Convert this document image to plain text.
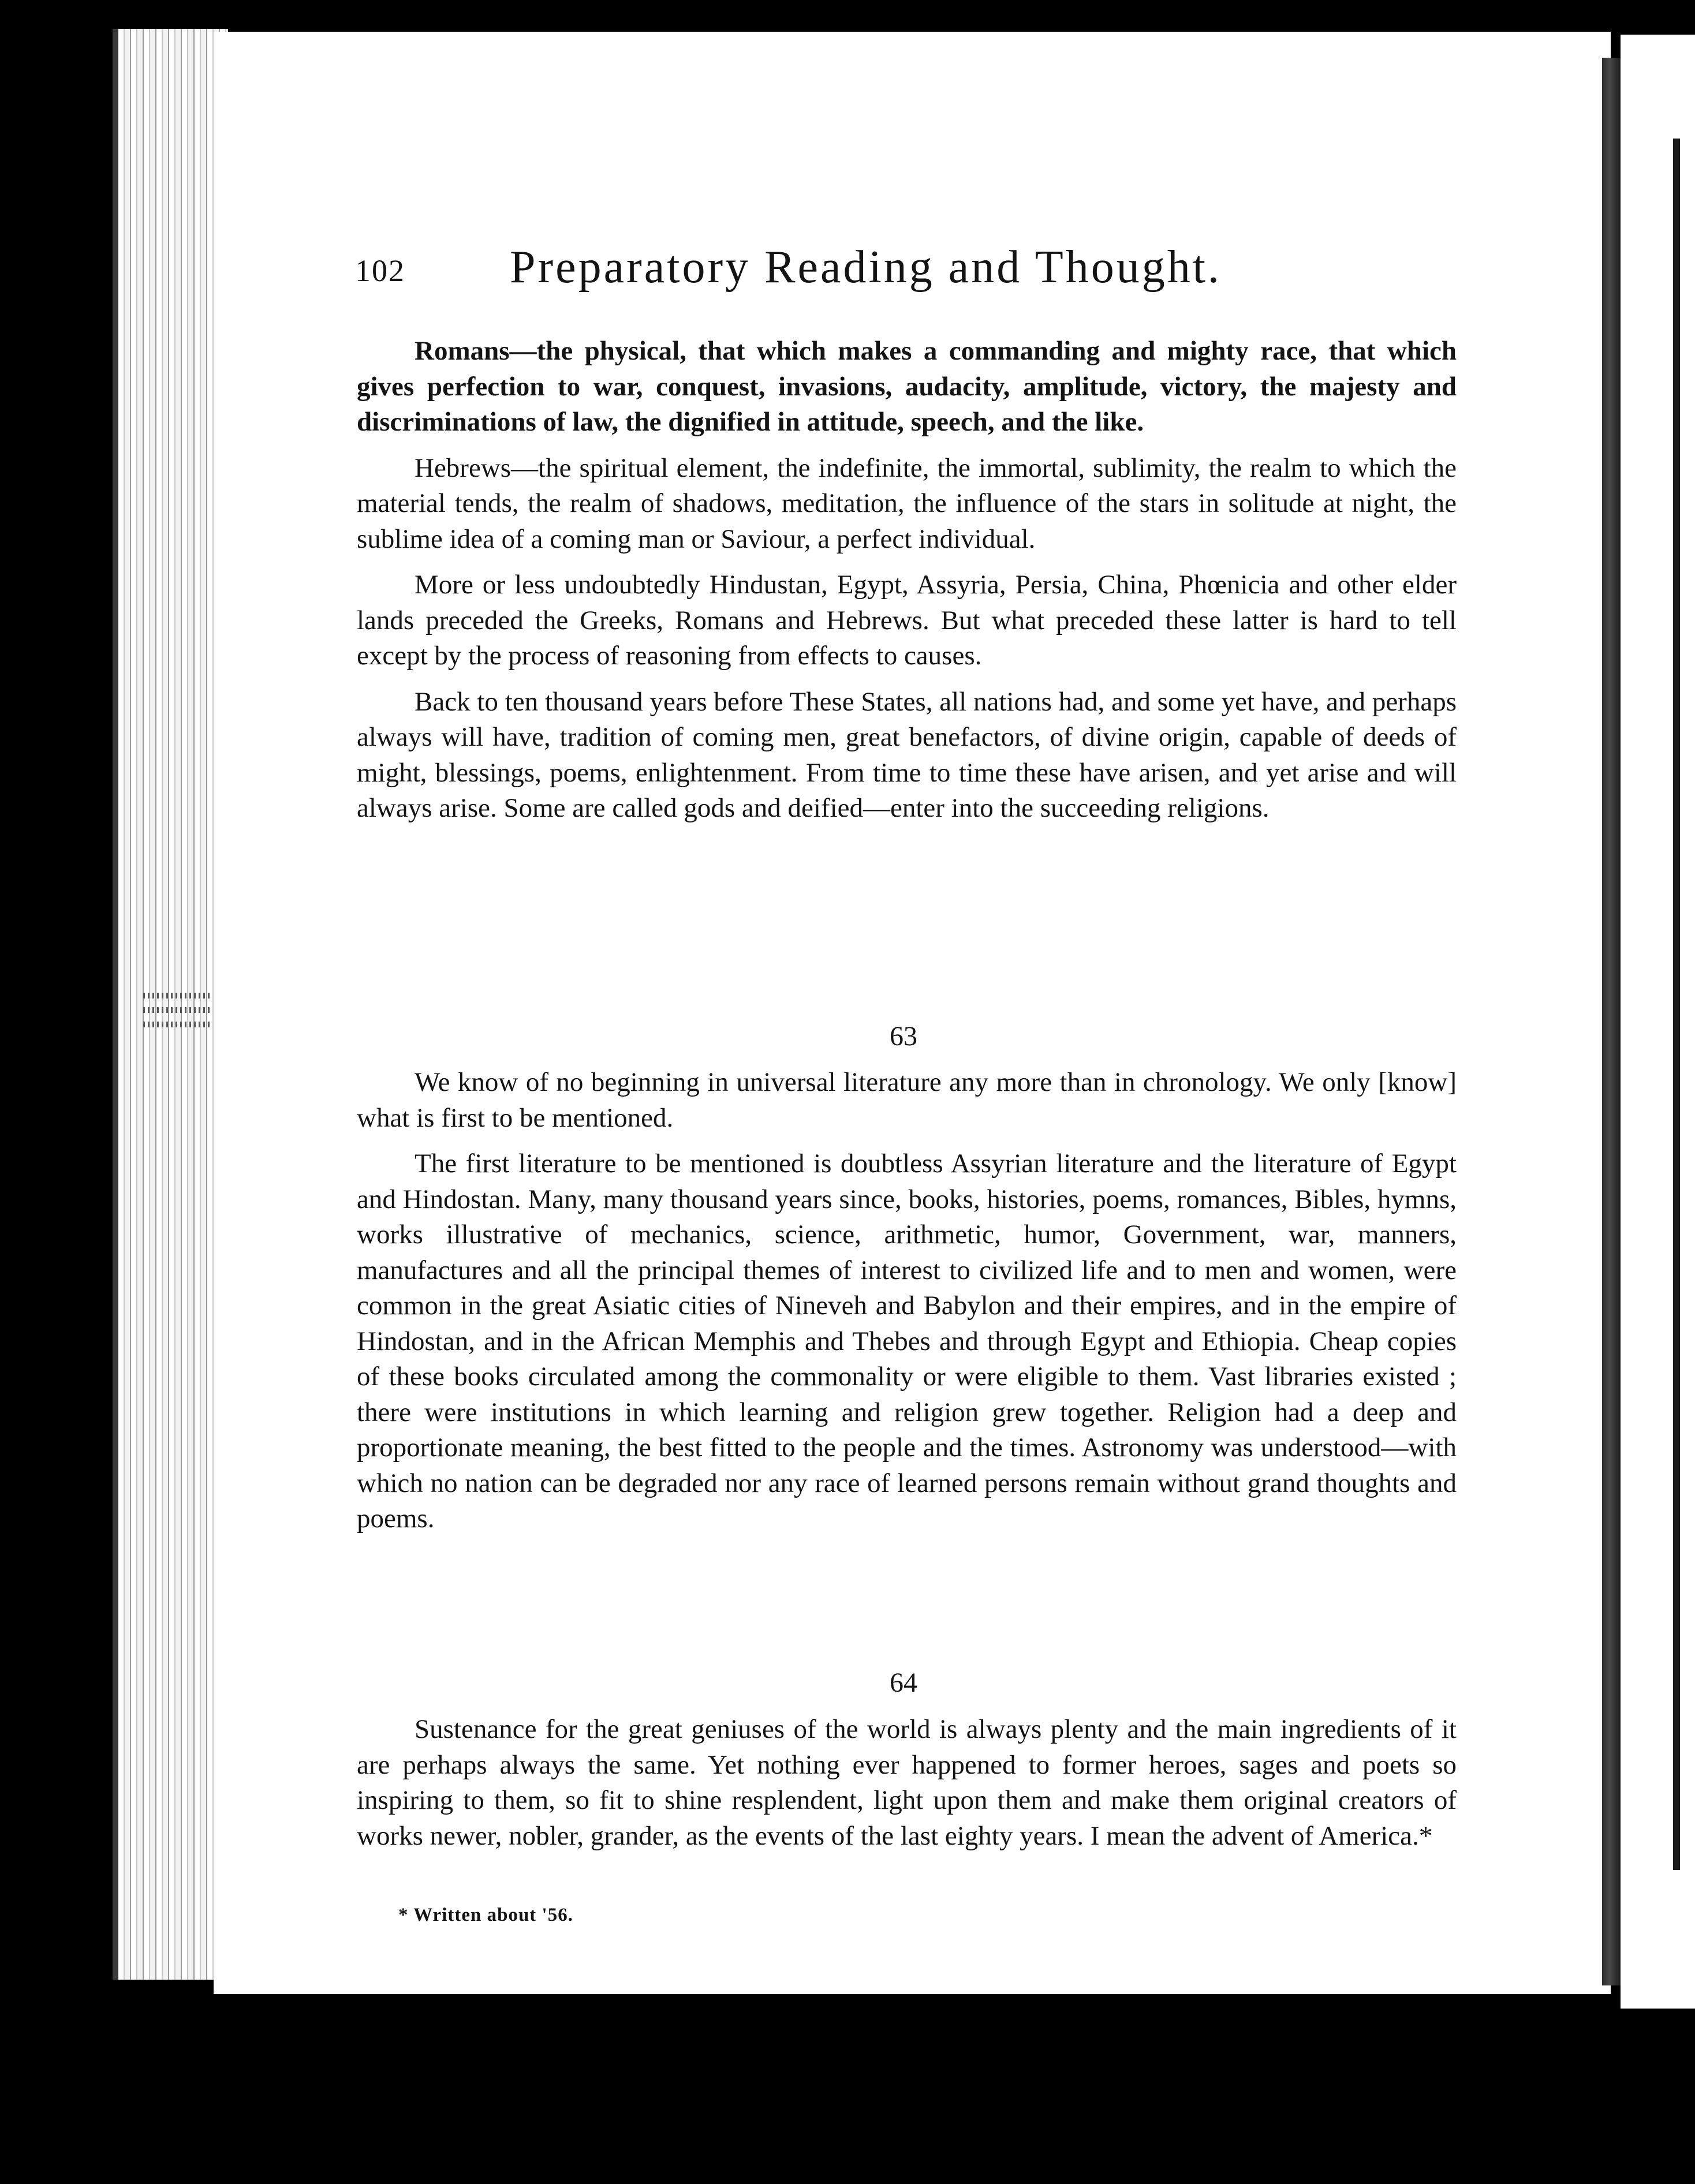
102 Preparatory Reading and Thought.

Romans—the physical, that which makes a commanding and mighty race, that which gives perfection to war, conquest, invasions, audacity, amplitude, victory, the majesty and discriminations of law, the dignified in attitude, speech, and the like.

Hebrews—the spiritual element, the indefinite, the immortal, sublimity, the realm to which the material tends, the realm of shadows, meditation, the influence of the stars in solitude at night, the sublime idea of a coming man or Saviour, a perfect individual.

More or less undoubtedly Hindustan, Egypt, Assyria, Persia, China, Phœnicia and other elder lands preceded the Greeks, Romans and Hebrews. But what preceded these latter is hard to tell except by the process of reasoning from effects to causes.

Back to ten thousand years before These States, all nations had, and some yet have, and perhaps always will have, tradition of coming men, great benefactors, of divine origin, capable of deeds of might, blessings, poems, enlightenment. From time to time these have arisen, and yet arise and will always arise. Some are called gods and deified—enter into the succeeding religions.

63

We know of no beginning in universal literature any more than in chronology. We only [know] what is first to be mentioned.

The first literature to be mentioned is doubtless Assyrian literature and the literature of Egypt and Hindostan. Many, many thousand years since, books, histories, poems, romances, Bibles, hymns, works illustrative of mechanics, science, arithmetic, humor, Government, war, manners, manufactures and all the principal themes of interest to civilized life and to men and women, were common in the great Asiatic cities of Nineveh and Babylon and their empires, and in the empire of Hindostan, and in the African Memphis and Thebes and through Egypt and Ethiopia. Cheap copies of these books circulated among the commonality or were eligible to them. Vast libraries existed ; there were institutions in which learning and religion grew together. Religion had a deep and proportionate meaning, the best fitted to the people and the times. Astronomy was understood—with which no nation can be degraded nor any race of learned persons remain without grand thoughts and poems.

64

Sustenance for the great geniuses of the world is always plenty and the main ingredients of it are perhaps always the same. Yet nothing ever happened to former heroes, sages and poets so inspiring to them, so fit to shine resplendent, light upon them and make them original creators of works newer, nobler, grander, as the events of the last eighty years. I mean the advent of America.*

* Written about '56.
